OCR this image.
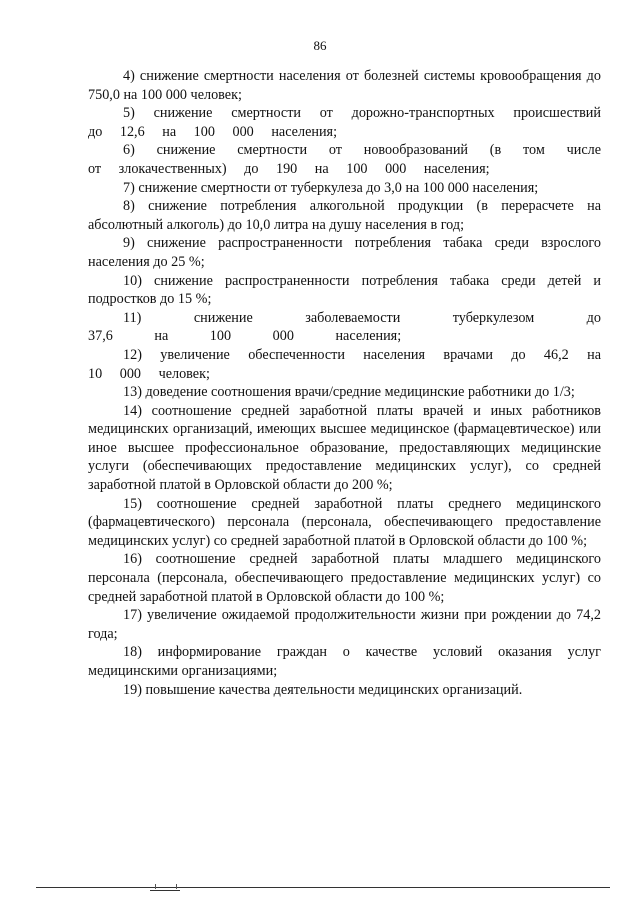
86

4) снижение смертности населения от болезней системы кровообращения до 750,0 на 100 000 человек;

5) снижение смертности от дорожно-транспортных происшествий до 12,6 на 100 000 населения;

6) снижение смертности от новообразований (в том числе от злокачественных) до 190 на 100 000 населения;

7) снижение смертности от туберкулеза до 3,0 на 100 000 населения;

8) снижение потребления алкогольной продукции (в перерасчете на абсолютный алкоголь) до 10,0 литра на душу населения в год;

9) снижение распространенности потребления табака среди взрослого населения до 25 %;

10) снижение распространенности потребления табака среди детей и подростков до 15 %;

11) снижение заболеваемости туберкулезом до 37,6 на 100 000 населения;

12) увеличение обеспеченности населения врачами до 46,2 на 10 000 человек;

13) доведение соотношения врачи/средние медицинские работники до 1/3;

14) соотношение средней заработной платы врачей и иных работников медицинских организаций, имеющих высшее медицинское (фармацевтическое) или иное высшее профессиональное образование, предоставляющих медицинские услуги (обеспечивающих предоставление медицинских услуг), со средней заработной платой в Орловской области до 200 %;

15) соотношение средней заработной платы среднего медицинского (фармацевтического) персонала (персонала, обеспечивающего предоставление медицинских услуг) со средней заработной платой в Орловской области до 100 %;

16) соотношение средней заработной платы младшего медицинского персонала (персонала, обеспечивающего предоставление медицинских услуг) со средней заработной платой в Орловской области до 100 %;

17) увеличение ожидаемой продолжительности жизни при рождении до 74,2 года;

18) информирование граждан о качестве условий оказания услуг медицинскими организациями;

19) повышение качества деятельности медицинских организаций.
